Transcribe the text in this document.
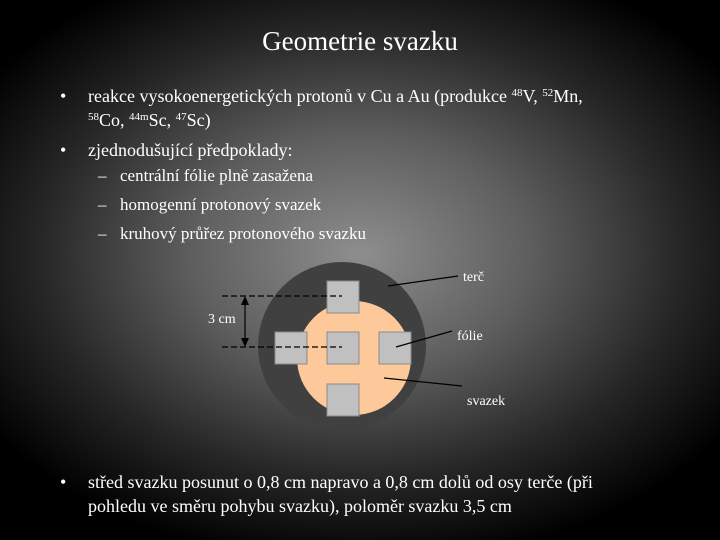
Geometrie svazku
• reakce vysokoenergetických protonů v Cu a Au (produkce $^{48}$V, $^{52}$Mn,
$^{58}$Co, $^{44m}$Sc, $^{47}$Sc)
• zjednodušující předpoklady:
– centrální fólie plně zasažena
– homogenní protonový svazek
– kruhový průřez protonového svazku
3 cm
terč
fólie
svazek
• střed svazku posunut o 0,8 cm napravo a 0,8 cm dolů od osy terče (při
pohledu ve směru pohybu svazku), poloměr svazku 3,5 cm
